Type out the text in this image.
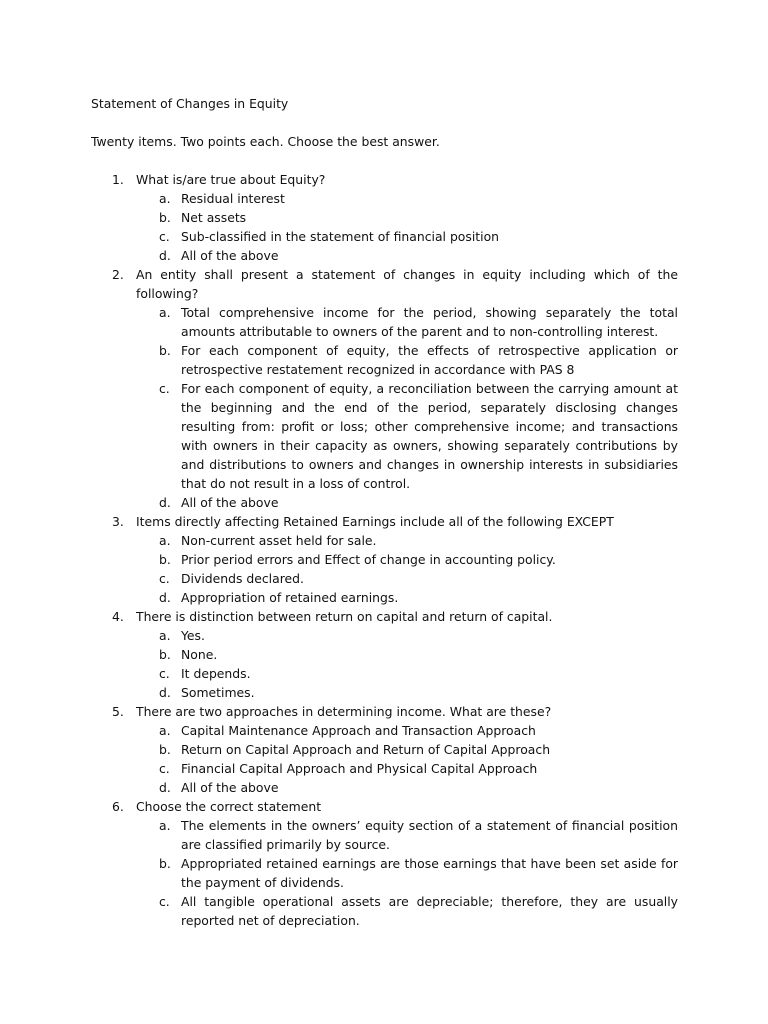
Statement of Changes in Equity

Twenty items. Two points each. Choose the best answer.

1. What is/are true about Equity?
a. Residual interest
b. Net assets
c. Sub-classified in the statement of financial position
d. All of the above
2. An entity shall present a statement of changes in equity including which of the following?
a. Total comprehensive income for the period, showing separately the total amounts attributable to owners of the parent and to non-controlling interest.
b. For each component of equity, the effects of retrospective application or retrospective restatement recognized in accordance with PAS 8
c. For each component of equity, a reconciliation between the carrying amount at the beginning and the end of the period, separately disclosing changes resulting from: profit or loss; other comprehensive income; and transactions with owners in their capacity as owners, showing separately contributions by and distributions to owners and changes in ownership interests in subsidiaries that do not result in a loss of control.
d. All of the above
3. Items directly affecting Retained Earnings include all of the following EXCEPT
a. Non-current asset held for sale.
b. Prior period errors and Effect of change in accounting policy.
c. Dividends declared.
d. Appropriation of retained earnings.
4. There is distinction between return on capital and return of capital.
a. Yes.
b. None.
c. It depends.
d. Sometimes.
5. There are two approaches in determining income. What are these?
a. Capital Maintenance Approach and Transaction Approach
b. Return on Capital Approach and Return of Capital Approach
c. Financial Capital Approach and Physical Capital Approach
d. All of the above
6. Choose the correct statement
a. The elements in the owners’ equity section of a statement of financial position are classified primarily by source.
b. Appropriated retained earnings are those earnings that have been set aside for the payment of dividends.
c. All tangible operational assets are depreciable; therefore, they are usually reported net of depreciation.
